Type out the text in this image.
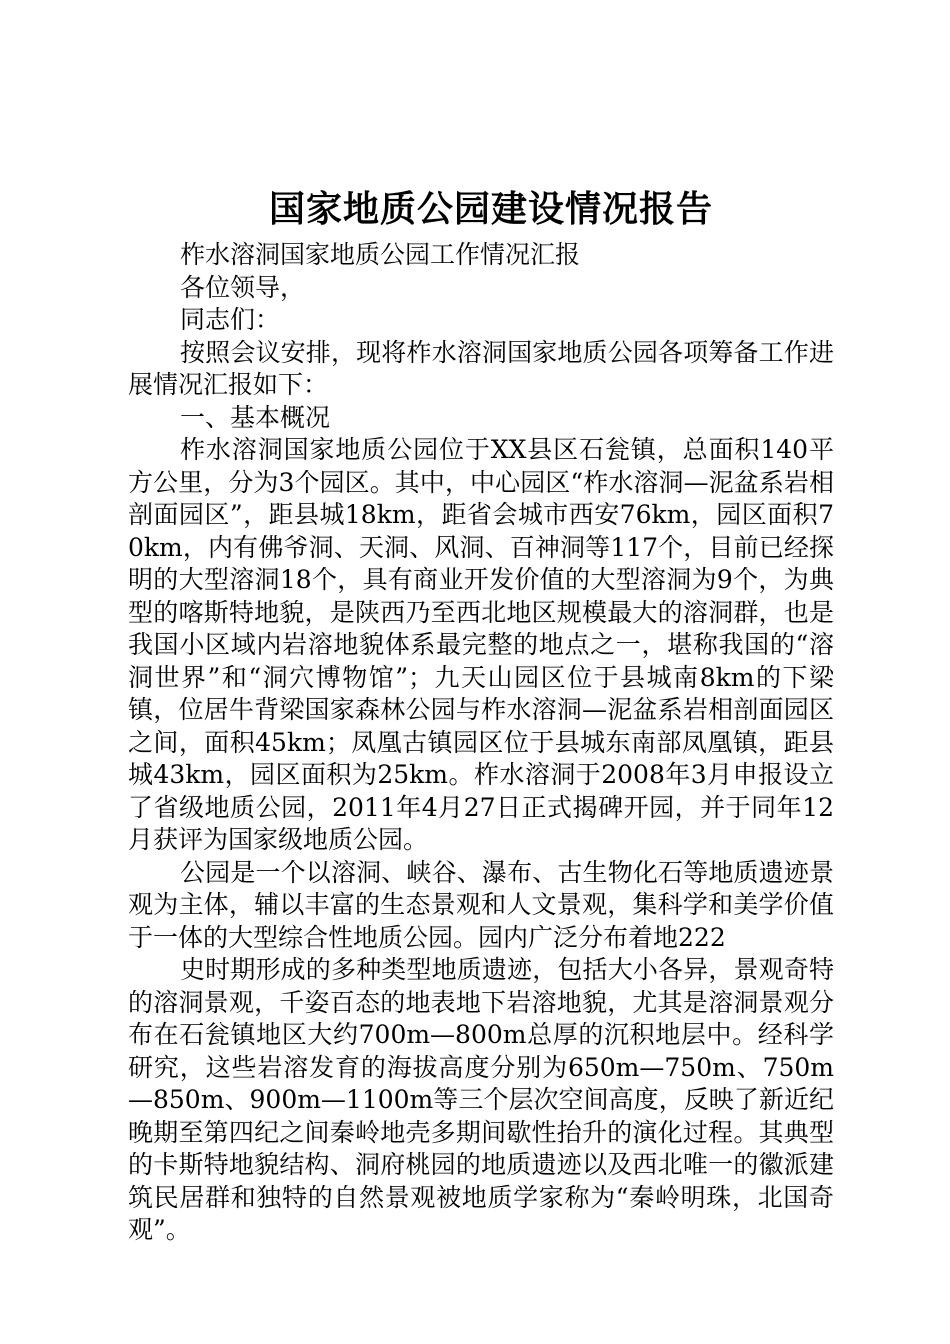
国家地质公园建设情况报告

柞水溶洞国家地质公园工作情况汇报

各位领导，

同志们：

按照会议安排，现将柞水溶洞国家地质公园各项筹备工作进展情况汇报如下：

一、基本概况

柞水溶洞国家地质公园位于XX县区石瓮镇，总面积140平方公里，分为3个园区。其中，中心园区“柞水溶洞—泥盆系岩相剖面园区”，距县城18km，距省会城市西安76km，园区面积70km，内有佛爷洞、天洞、风洞、百神洞等117个，目前已经探明的大型溶洞18个，具有商业开发价值的大型溶洞为9个，为典型的喀斯特地貌，是陕西乃至西北地区规模最大的溶洞群，也是我国小区域内岩溶地貌体系最完整的地点之一，堪称我国的“溶洞世界”和“洞穴博物馆”；九天山园区位于县城南8km的下梁镇，位居牛背梁国家森林公园与柞水溶洞—泥盆系岩相剖面园区之间，面积45km；凤凰古镇园区位于县城东南部凤凰镇，距县城43km，园区面积为25km。柞水溶洞于2008年3月申报设立了省级地质公园，2011年4月27日正式揭碑开园，并于同年12月获评为国家级地质公园。

公园是一个以溶洞、峡谷、瀑布、古生物化石等地质遗迹景观为主体，辅以丰富的生态景观和人文景观，集科学和美学价值于一体的大型综合性地质公园。园内广泛分布着地222

史时期形成的多种类型地质遗迹，包括大小各异，景观奇特的溶洞景观，千姿百态的地表地下岩溶地貌，尤其是溶洞景观分布在石瓮镇地区大约700m—800m总厚的沉积地层中。经科学研究，这些岩溶发育的海拔高度分别为650m—750m、750m—850m、900m—1100m等三个层次空间高度，反映了新近纪晚期至第四纪之间秦岭地壳多期间歇性抬升的演化过程。其典型的卡斯特地貌结构、洞府桃园的地质遗迹以及西北唯一的徽派建筑民居群和独特的自然景观被地质学家称为“秦岭明珠，北国奇观”。
